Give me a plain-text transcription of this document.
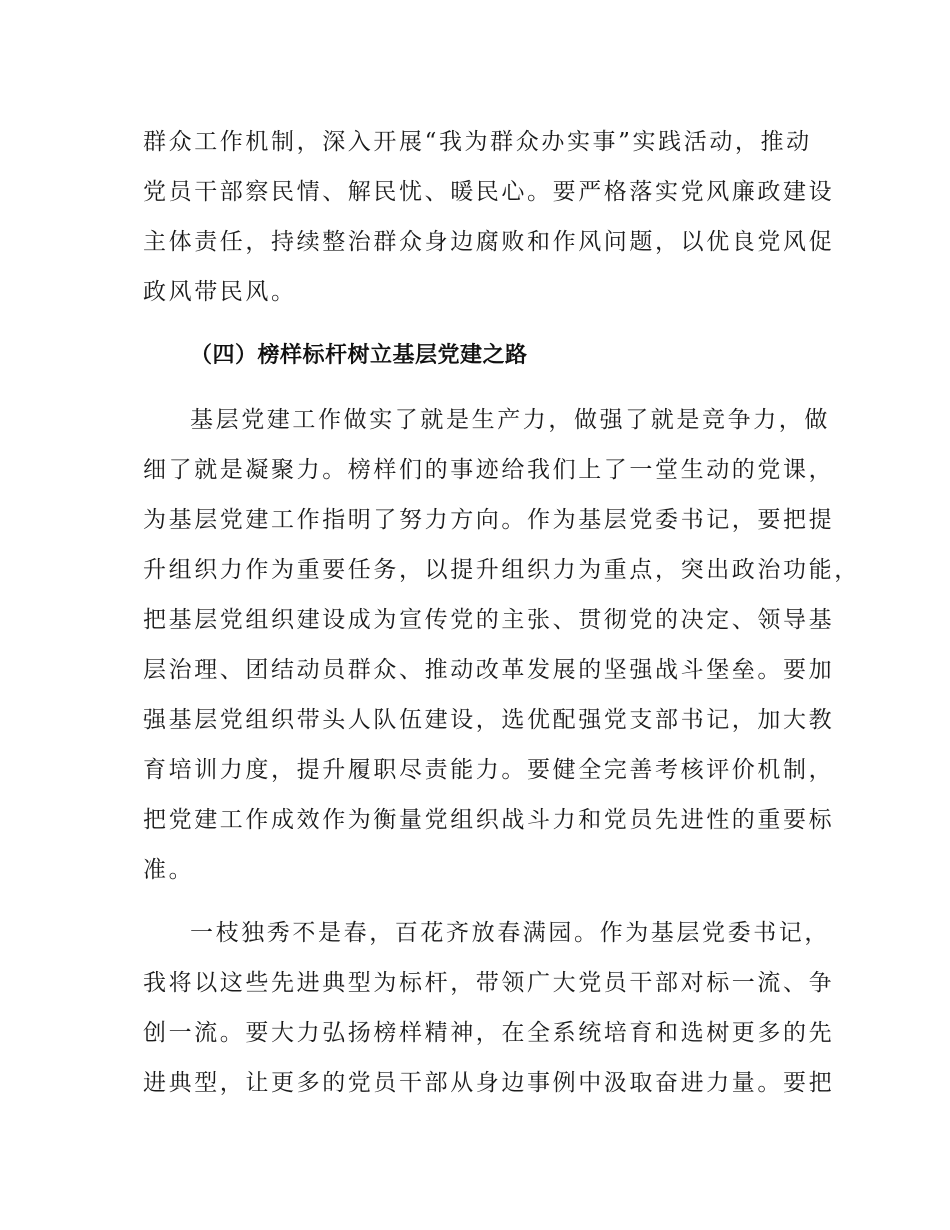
群众工作机制，深入开展“我为群众办实事”实践活动，推动

党员干部察民情、解民忧、暖民心。要严格落实党风廉政建设

主体责任，持续整治群众身边腐败和作风问题，以优良党风促

政风带民风。

（四）榜样标杆树立基层党建之路

基层党建工作做实了就是生产力，做强了就是竞争力，做

细了就是凝聚力。榜样们的事迹给我们上了一堂生动的党课，

为基层党建工作指明了努力方向。作为基层党委书记，要把提

升组织力作为重要任务，以提升组织力为重点，突出政治功能，

把基层党组织建设成为宣传党的主张、贯彻党的决定、领导基

层治理、团结动员群众、推动改革发展的坚强战斗堡垒。要加

强基层党组织带头人队伍建设，选优配强党支部书记，加大教

育培训力度，提升履职尽责能力。要健全完善考核评价机制，

把党建工作成效作为衡量党组织战斗力和党员先进性的重要标

准。

一枝独秀不是春，百花齐放春满园。作为基层党委书记，

我将以这些先进典型为标杆，带领广大党员干部对标一流、争

创一流。要大力弘扬榜样精神，在全系统培育和选树更多的先

进典型，让更多的党员干部从身边事例中汲取奋进力量。要把
